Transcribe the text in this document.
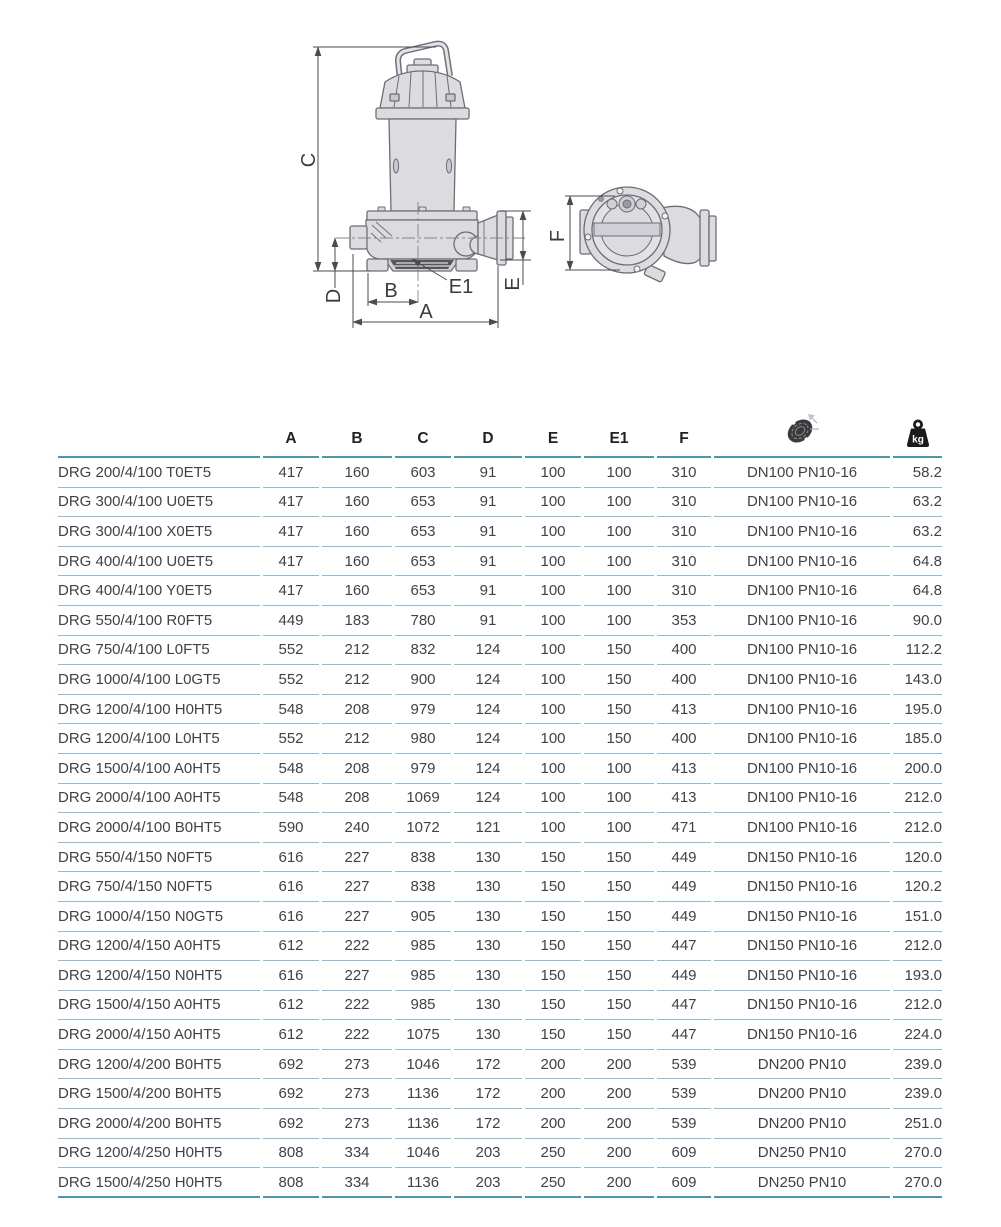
C
D B
A
E
E1
F
	A	B	C	D	E	E1	F		kg

DRG 200/4/100 T0ET5	417	160	603	91	100	100	310	DN100 PN10-16	58.2
DRG 300/4/100 U0ET5	417	160	653	91	100	100	310	DN100 PN10-16	63.2
DRG 300/4/100 X0ET5	417	160	653	91	100	100	310	DN100 PN10-16	63.2
DRG 400/4/100 U0ET5	417	160	653	91	100	100	310	DN100 PN10-16	64.8
DRG 400/4/100 Y0ET5	417	160	653	91	100	100	310	DN100 PN10-16	64.8
DRG 550/4/100 R0FT5	449	183	780	91	100	100	353	DN100 PN10-16	90.0
DRG 750/4/100 L0FT5	552	212	832	124	100	150	400	DN100 PN10-16	112.2
DRG 1000/4/100 L0GT5	552	212	900	124	100	150	400	DN100 PN10-16	143.0
DRG 1200/4/100 H0HT5	548	208	979	124	100	150	413	DN100 PN10-16	195.0
DRG 1200/4/100 L0HT5	552	212	980	124	100	150	400	DN100 PN10-16	185.0
DRG 1500/4/100 A0HT5	548	208	979	124	100	100	413	DN100 PN10-16	200.0
DRG 2000/4/100 A0HT5	548	208	1069	124	100	100	413	DN100 PN10-16	212.0
DRG 2000/4/100 B0HT5	590	240	1072	121	100	100	471	DN100 PN10-16	212.0
DRG 550/4/150 N0FT5	616	227	838	130	150	150	449	DN150 PN10-16	120.0
DRG 750/4/150 N0FT5	616	227	838	130	150	150	449	DN150 PN10-16	120.2
DRG 1000/4/150 N0GT5	616	227	905	130	150	150	449	DN150 PN10-16	151.0
DRG 1200/4/150 A0HT5	612	222	985	130	150	150	447	DN150 PN10-16	212.0
DRG 1200/4/150 N0HT5	616	227	985	130	150	150	449	DN150 PN10-16	193.0
DRG 1500/4/150 A0HT5	612	222	985	130	150	150	447	DN150 PN10-16	212.0
DRG 2000/4/150 A0HT5	612	222	1075	130	150	150	447	DN150 PN10-16	224.0
DRG 1200/4/200 B0HT5	692	273	1046	172	200	200	539	DN200 PN10	239.0
DRG 1500/4/200 B0HT5	692	273	1136	172	200	200	539	DN200 PN10	239.0
DRG 2000/4/200 B0HT5	692	273	1136	172	200	200	539	DN200 PN10	251.0
DRG 1200/4/250 H0HT5	808	334	1046	203	250	200	609	DN250 PN10	270.0
DRG 1500/4/250 H0HT5	808	334	1136	203	250	200	609	DN250 PN10	270.0
